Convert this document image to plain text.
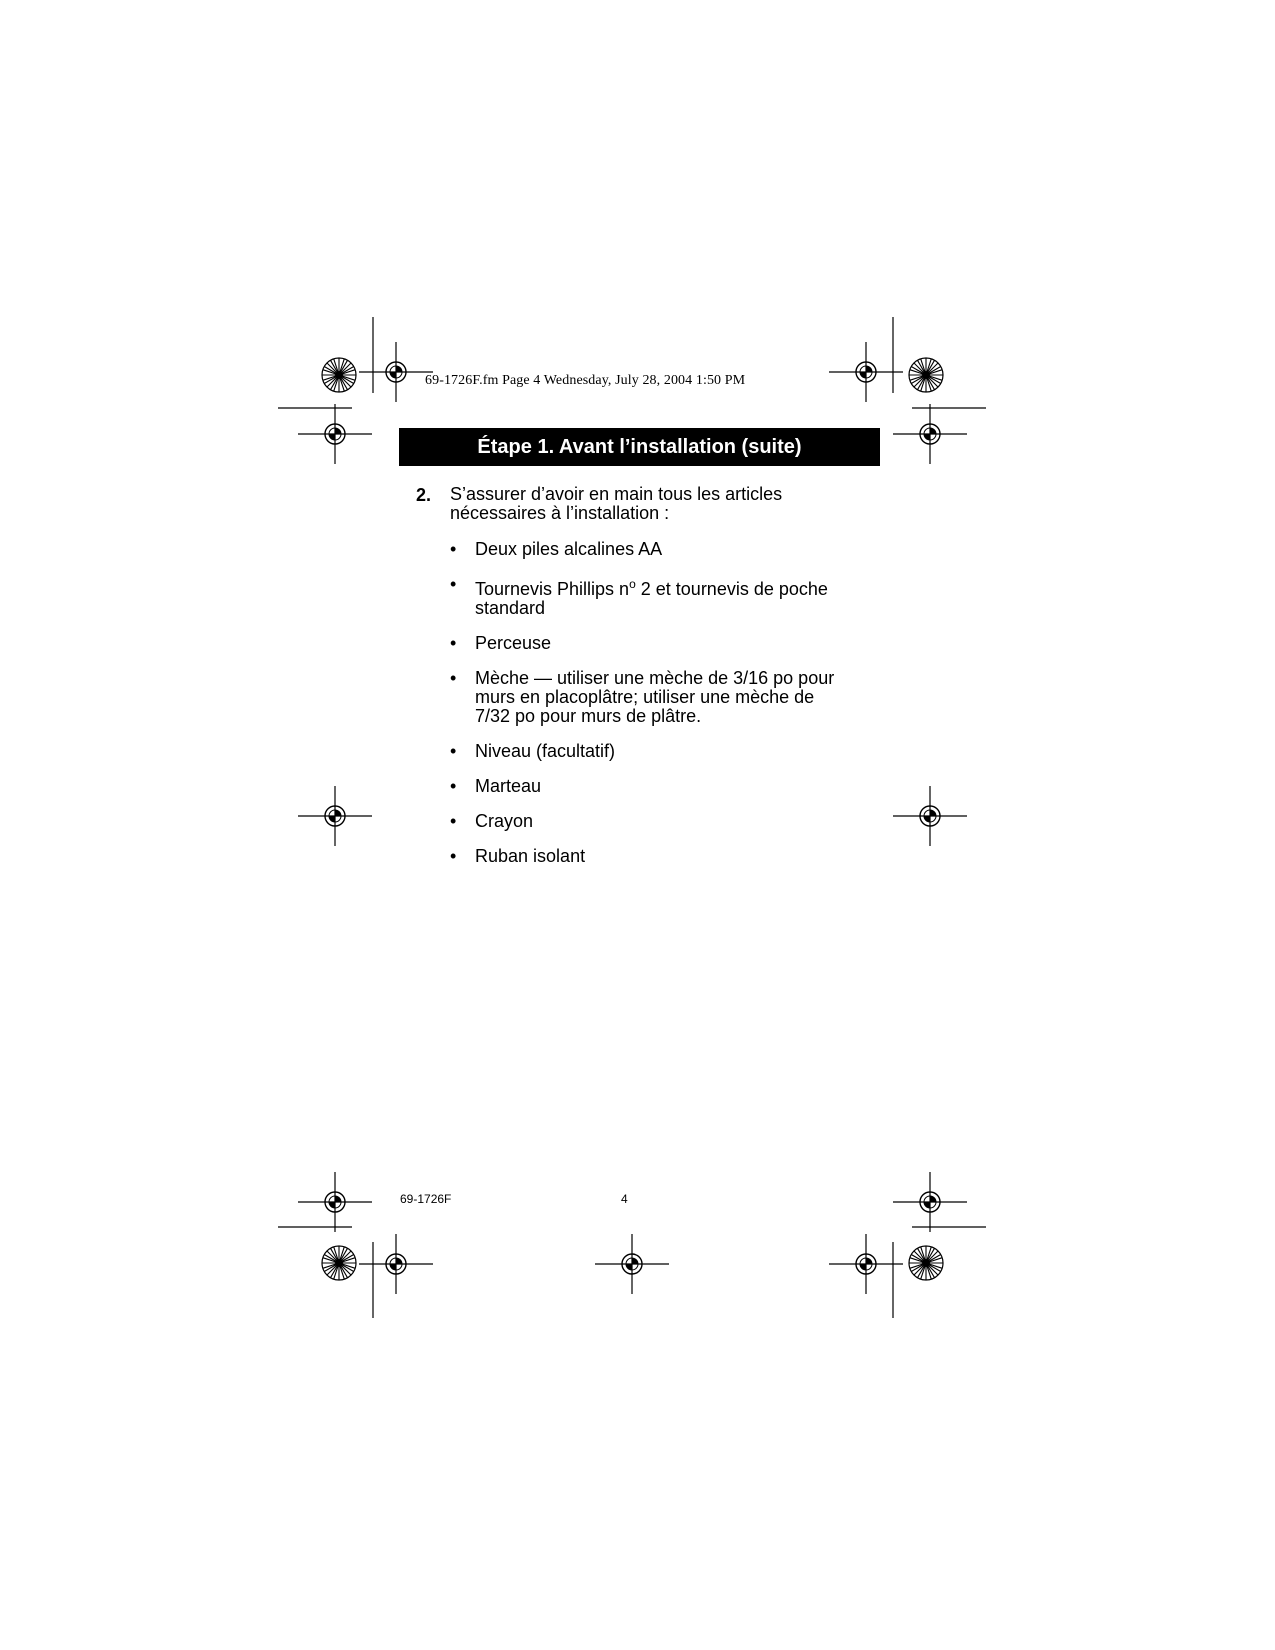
69-1726F.fm Page 4 Wednesday, July 28, 2004 1:50 PM
Étape 1. Avant l’installation (suite)
2. S’assurer d’avoir en main tous les articles nécessaires à l’installation :
• Deux piles alcalines AA
• Tournevis Phillips $n^o$ 2 et tournevis de poche standard
• Perceuse
• Mèche — utiliser une mèche de 3/16 po pour murs en placoplâtre; utiliser une mèche de 7/32 po pour murs de plâtre.
• Niveau (facultatif)
• Marteau
• Crayon
• Ruban isolant
69-1726F	4
